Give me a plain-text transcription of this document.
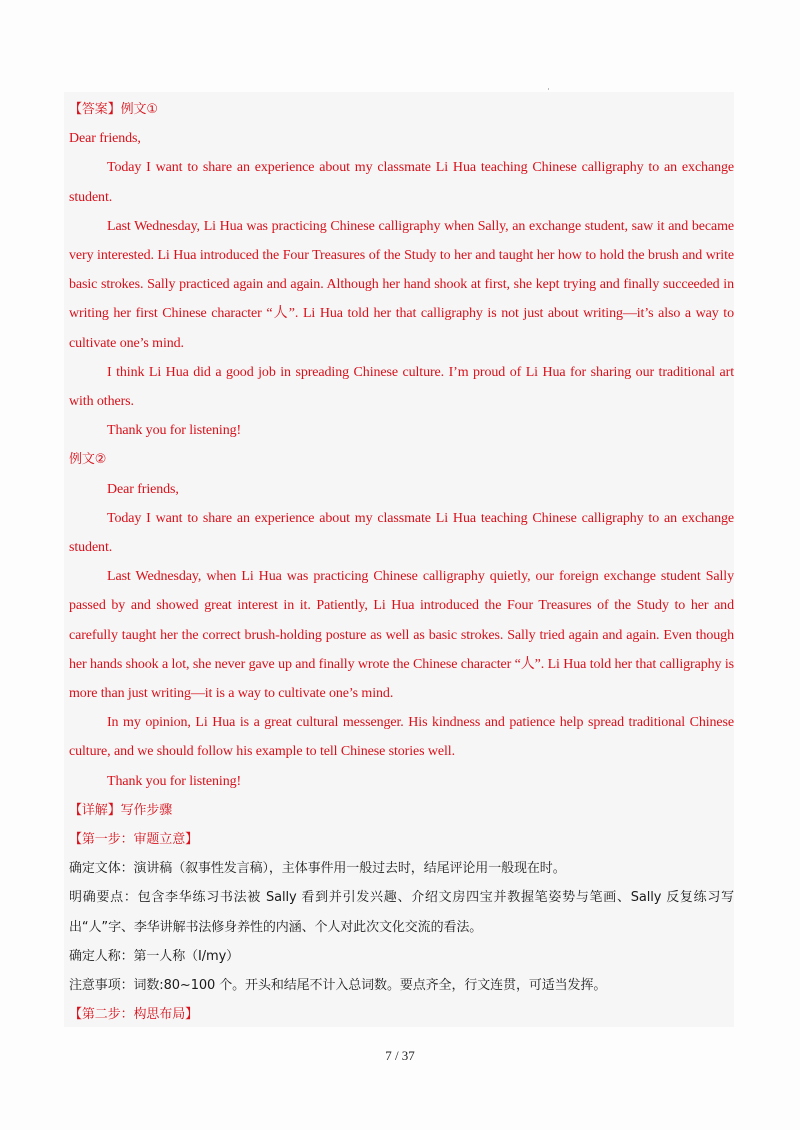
【答案】例文①

Dear friends,

Today I want to share an experience about my classmate Li Hua teaching Chinese calligraphy to an exchange student.

Last Wednesday, Li Hua was practicing Chinese calligraphy when Sally, an exchange student, saw it and became very interested. Li Hua introduced the Four Treasures of the Study to her and taught her how to hold the brush and write basic strokes. Sally practiced again and again. Although her hand shook at first, she kept trying and finally succeeded in writing her first Chinese character “人”. Li Hua told her that calligraphy is not just about writing—it’s also a way to cultivate one’s mind.

I think Li Hua did a good job in spreading Chinese culture. I’m proud of Li Hua for sharing our traditional art with others.

Thank you for listening!

例文②

Dear friends,

Today I want to share an experience about my classmate Li Hua teaching Chinese calligraphy to an exchange student.

Last Wednesday, when Li Hua was practicing Chinese calligraphy quietly, our foreign exchange student Sally passed by and showed great interest in it. Patiently, Li Hua introduced the Four Treasures of the Study to her and carefully taught her the correct brush-holding posture as well as basic strokes. Sally tried again and again. Even though her hands shook a lot, she never gave up and finally wrote the Chinese character “人”. Li Hua told her that calligraphy is more than just writing—it is a way to cultivate one’s mind.

In my opinion, Li Hua is a great cultural messenger. His kindness and patience help spread traditional Chinese culture, and we should follow his example to tell Chinese stories well.

Thank you for listening!

【详解】写作步骤

【第一步：审题立意】

确定文体：演讲稿（叙事性发言稿），主体事件用一般过去时，结尾评论用一般现在时。

明确要点：包含李华练习书法被 Sally 看到并引发兴趣、介绍文房四宝并教握笔姿势与笔画、Sally 反复练习写出“人”字、李华讲解书法修身养性的内涵、个人对此次文化交流的看法。

确定人称：第一人称（I/my）

注意事项：词数:80~100 个。开头和结尾不计入总词数。要点齐全，行文连贯，可适当发挥。

【第二步：构思布局】

7 / 37
